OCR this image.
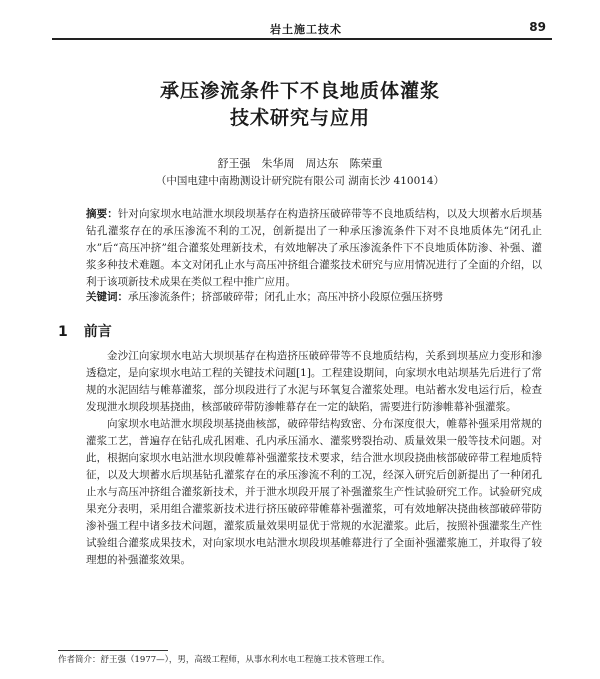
岩土施工技术	89
承压渗流条件下不良地质体灌浆
技术研究与应用
舒王强　朱华周　周达东　陈荣重
（中国电建中南勘测设计研究院有限公司 湖南长沙 410014）
摘要：针对向家坝水电站泄水坝段坝基存在构造挤压破碎带等不良地质结构，以及大坝蓄水后坝基钻孔灌浆存在的承压渗流不利的工况，创新提出了一种承压渗流条件下对不良地质体先“闭孔止水”后“高压冲挤”组合灌浆处理新技术，有效地解决了承压渗流条件下不良地质体防渗、补强、灌浆多种技术难题。本文对闭孔止水与高压冲挤组合灌浆技术研究与应用情况进行了全面的介绍，以利于该项新技术成果在类似工程中推广应用。
关键词：承压渗流条件；挤部破碎带；闭孔止水；高压冲挤小段原位强压挤劈
1 前言

金沙江向家坝水电站大坝坝基存在构造挤压破碎带等不良地质结构，关系到坝基应力变形和渗透稳定，是向家坝水电站工程的关键技术问题[1]。工程建设期间，向家坝水电站坝基先后进行了常规的水泥固结与帷幕灌浆，部分坝段进行了水泥与环氧复合灌浆处理。电站蓄水发电运行后，检查发现泄水坝段坝基挠曲，核部破碎带防渗帷幕存在一定的缺陷，需要进行防渗帷幕补强灌浆。

向家坝水电站泄水坝段坝基挠曲核部，破碎带结构致密、分布深度很大，帷幕补强采用常规的灌浆工艺，普遍存在钻孔成孔困难、孔内承压涌水、灌浆劈裂抬动、质量效果一般等技术问题。对此，根据向家坝水电站泄水坝段帷幕补强灌浆技术要求，结合泄水坝段挠曲核部破碎带工程地质特征，以及大坝蓄水后坝基钻孔灌浆存在的承压渗流不利的工况，经深入研究后创新提出了一种闭孔止水与高压冲挤组合灌浆新技术，并于泄水坝段开展了补强灌浆生产性试验研究工作。试验研究成果充分表明，采用组合灌浆新技术进行挤压破碎带帷幕补强灌浆，可有效地解决挠曲核部破碎带防渗补强工程中诸多技术问题，灌浆质量效果明显优于常规的水泥灌浆。此后，按照补强灌浆生产性试验组合灌浆成果技术，对向家坝水电站泄水坝段坝基帷幕进行了全面补强灌浆施工，并取得了较理想的补强灌浆效果。

作者简介：舒王强（1977—），男，高级工程师，从事水利水电工程施工技术管理工作。
